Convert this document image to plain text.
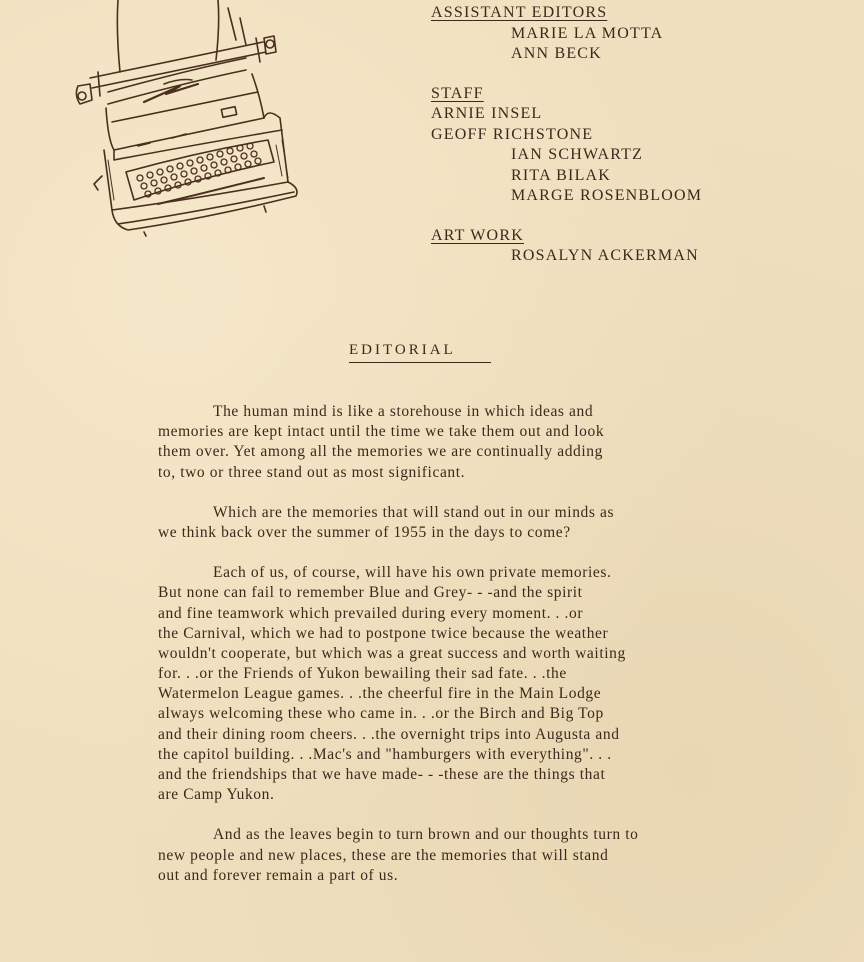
ASSISTANT EDITORS
MARIE LA MOTTA
ANN BECK
STAFF
ARNIE INSEL
GEOFF RICHSTONE
IAN SCHWARTZ
RITA BILAK
MARGE ROSENBLOOM
ART WORK
ROSALYN ACKERMAN
EDITORIAL
The human mind is like a storehouse in which ideas and
memories are kept intact until the time we take them out and look
them over. Yet among all the memories we are continually adding
to, two or three stand out as most significant.
Which are the memories that will stand out in our minds as
we think back over the summer of 1955 in the days to come?
Each of us, of course, will have his own private memories.
But none can fail to remember Blue and Grey- - -and the spirit
and fine teamwork which prevailed during every moment. . .or
the Carnival, which we had to postpone twice because the weather
wouldn't cooperate, but which was a great success and worth waiting
for. . .or the Friends of Yukon bewailing their sad fate. . .the
Watermelon League games. . .the cheerful fire in the Main Lodge
always welcoming these who came in. . .or the Birch and Big Top
and their dining room cheers. . .the overnight trips into Augusta and
the capitol building. . .Mac's and "hamburgers with everything". . .
and the friendships that we have made- - -these are the things that
are Camp Yukon.
And as the leaves begin to turn brown and our thoughts turn to
new people and new places, these are the memories that will stand
out and forever remain a part of us.
